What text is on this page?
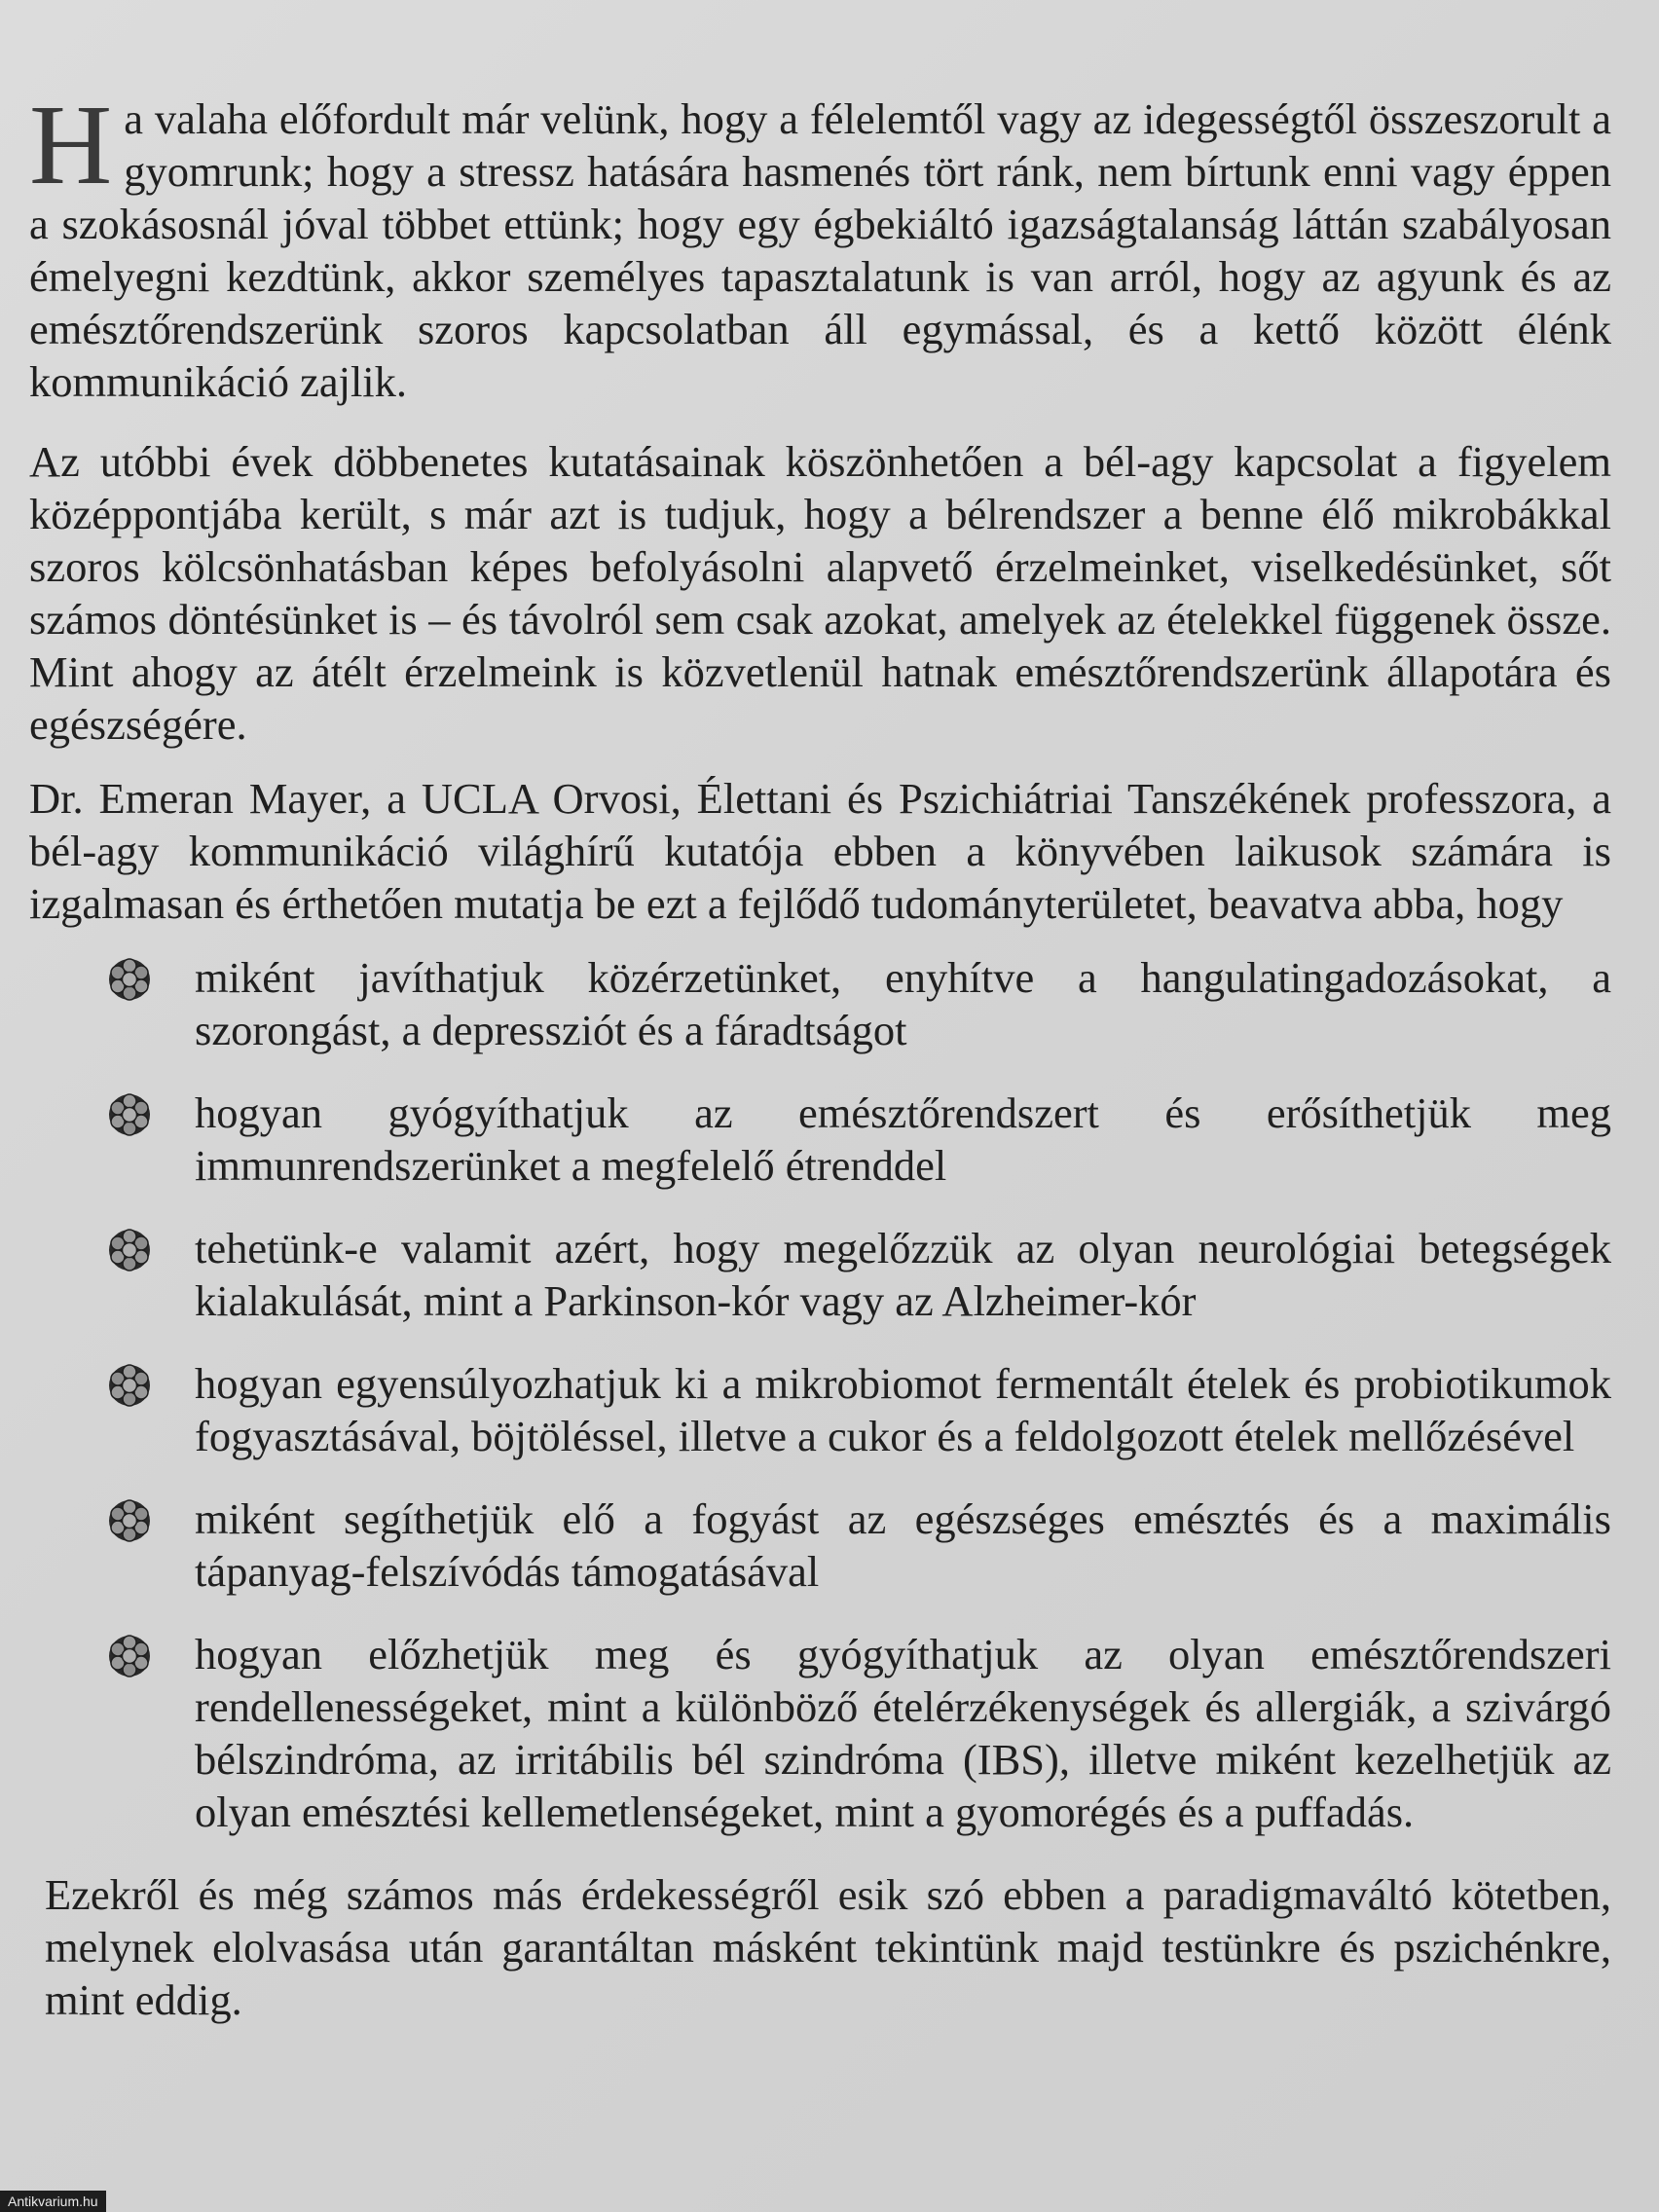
Ha valaha előfordult már velünk, hogy a félelemtől vagy az idegességtől összeszorult a gyomrunk; hogy a stressz hatására hasmenés tört ránk, nem bírtunk enni vagy éppen a szokásosnál jóval többet ettünk; hogy egy égbekiáltó igazságtalanság láttán szabályosan émelyegni kezdtünk, akkor személyes tapasztalatunk is van arról, hogy az agyunk és az emésztőrendszerünk szoros kapcsolatban áll egymással, és a kettő között élénk kommunikáció zajlik.

Az utóbbi évek döbbenetes kutatásainak köszönhetően a bél-agy kapcsolat a figyelem középpontjába került, s már azt is tudjuk, hogy a bélrendszer a benne élő mikrobákkal szoros kölcsönhatásban képes befolyásolni alapvető érzelmeinket, viselkedésünket, sőt számos döntésünket is – és távolról sem csak azokat, amelyek az ételekkel függenek össze. Mint ahogy az átélt érzelmeink is közvetlenül hatnak emésztőrendszerünk állapotára és egészségére.

Dr. Emeran Mayer, a UCLA Orvosi, Élettani és Pszichiátriai Tanszékének professzora, a bél-agy kommunikáció világhírű kutatója ebben a könyvében laikusok számára is izgalmasan és érthetően mutatja be ezt a fejlődő tudományterületet, beavatva abba, hogy

miként javíthatjuk közérzetünket, enyhítve a hangulatingadozásokat, a szorongást, a depressziót és a fáradtságot
hogyan gyógyíthatjuk az emésztőrendszert és erősíthetjük meg immunrendszerünket a megfelelő étrenddel
tehetünk-e valamit azért, hogy megelőzzük az olyan neurológiai betegségek kialakulását, mint a Parkinson-kór vagy az Alzheimer-kór
hogyan egyensúlyozhatjuk ki a mikrobiomot fermentált ételek és probiotikumok fogyasztásával, böjtöléssel, illetve a cukor és a feldolgozott ételek mellőzésével
miként segíthetjük elő a fogyást az egészséges emésztés és a maximális tápanyag-felszívódás támogatásával
hogyan előzhetjük meg és gyógyíthatjuk az olyan emésztőrendszeri rendellenességeket, mint a különböző ételérzékenységek és allergiák, a szivárgó bélszindróma, az irritábilis bél szindróma (IBS), illetve miként kezelhetjük az olyan emésztési kellemetlenségeket, mint a gyomorégés és a puffadás.

Ezekről és még számos más érdekességről esik szó ebben a paradigmaváltó kötetben, melynek elolvasása után garantáltan másként tekintünk majd testünkre és pszichénkre, mint eddig.

Antikvarium.hu
